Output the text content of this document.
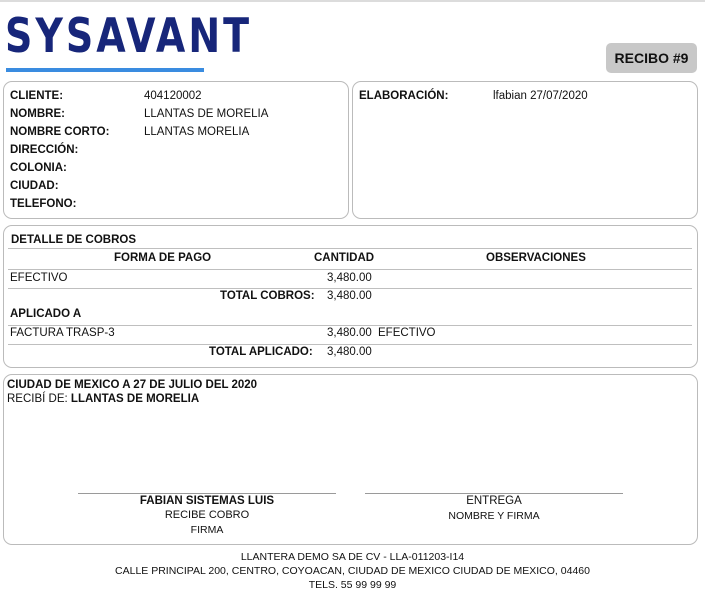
SYSAVANT	RECIBO #9
CLIENTE:	404120002
NOMBRE:	LLANTAS DE MORELIA
NOMBRE CORTO:	LLANTAS MORELIA
DIRECCIÓN:
COLONIA:
CIUDAD:
TELEFONO:
ELABORACIÓN:	lfabian 27/07/2020
DETALLE DE COBROS
FORMA DE PAGO	CANTIDAD	OBSERVACIONES
EFECTIVO	3,480.00
TOTAL COBROS: 3,480.00
APLICADO A
FACTURA TRASP-3	3,480.00 EFECTIVO
TOTAL APLICADO: 3,480.00
CIUDAD DE MEXICO A 27 DE JULIO DEL 2020
RECIBÍ DE: LLANTAS DE MORELIA
FABIAN SISTEMAS LUIS
RECIBE COBRO
FIRMA
ENTREGA
NOMBRE Y FIRMA
LLANTERA DEMO SA DE CV - LLA-011203-I14
CALLE PRINCIPAL 200, CENTRO, COYOACAN, CIUDAD DE MEXICO CIUDAD DE MEXICO, 04460
TELS. 55 99 99 99
